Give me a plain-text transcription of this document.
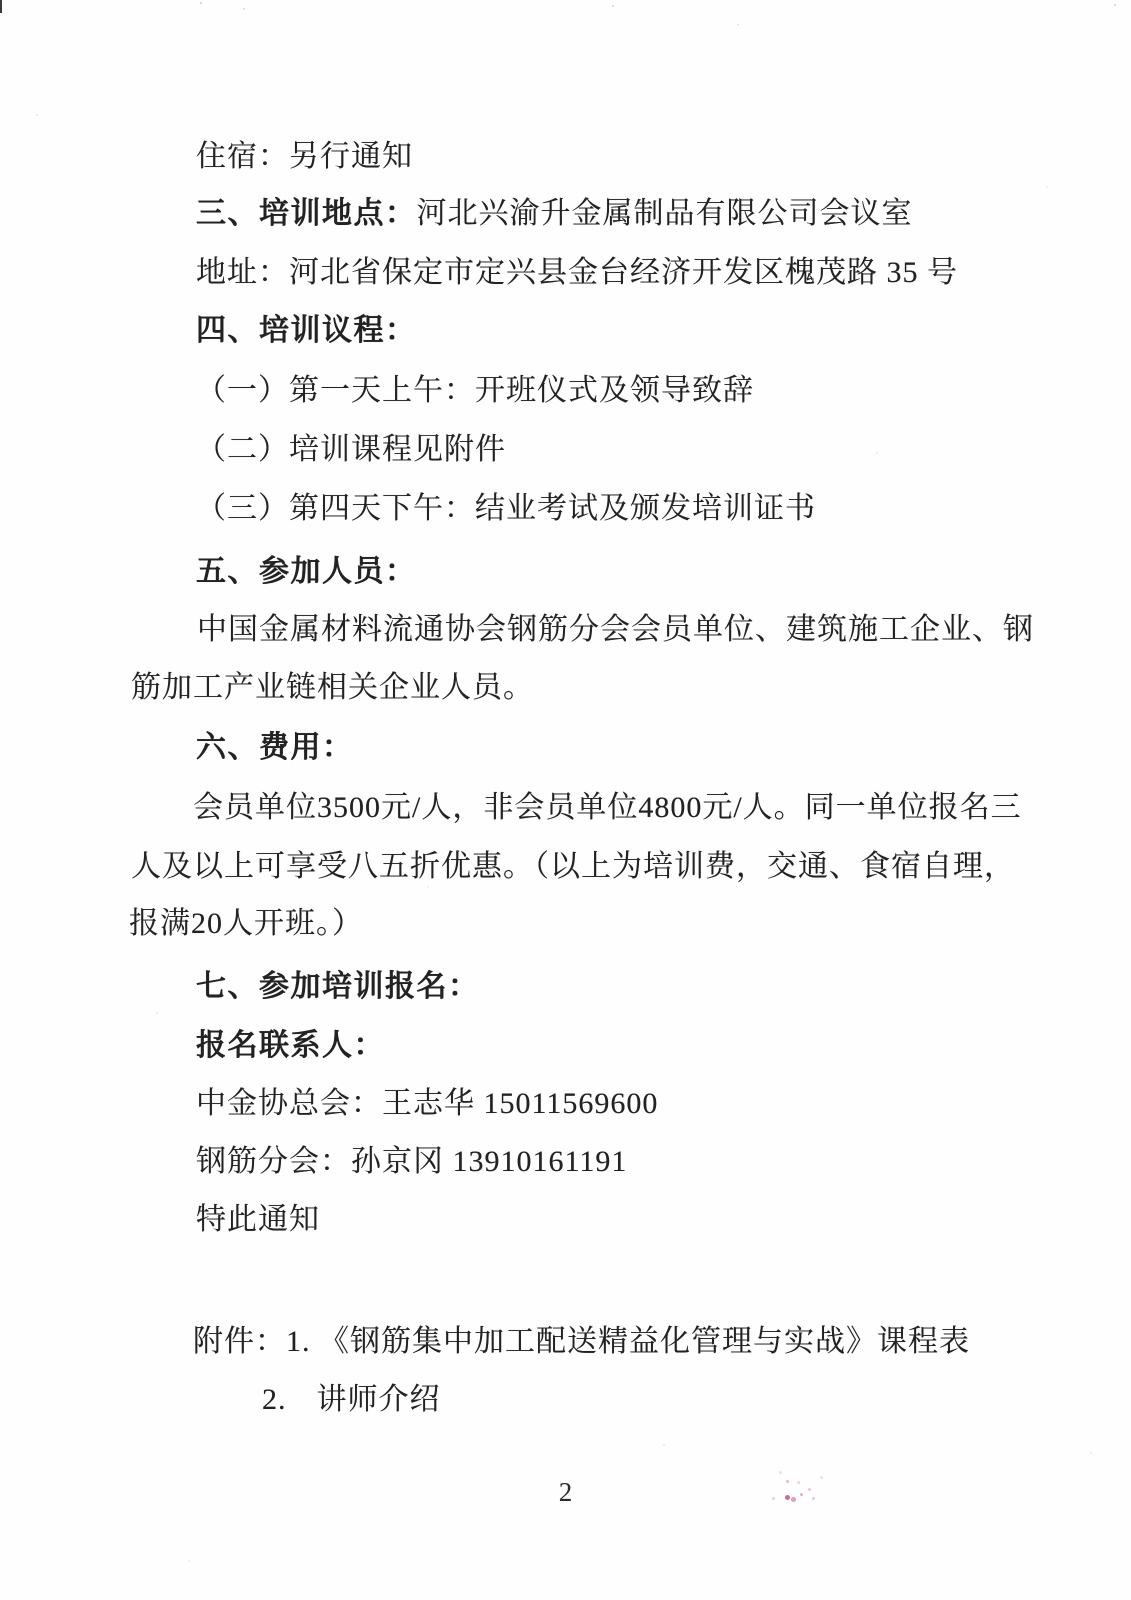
住宿：另行通知
三、培训地点：河北兴渝升金属制品有限公司会议室
地址：河北省保定市定兴县金台经济开发区槐茂路 35 号
四、培训议程：
（一）第一天上午：开班仪式及领导致辞
（二）培训课程见附件
（三）第四天下午：结业考试及颁发培训证书
五、参加人员：
中国金属材料流通协会钢筋分会会员单位、建筑施工企业、钢
筋加工产业链相关企业人员。
六、费用：
会员单位3500元/人，非会员单位4800元/人。同一单位报名三
人及以上可享受八五折优惠。（以上为培训费，交通、食宿自理，
报满20人开班。）
七、参加培训报名：
报名联系人：
中金协总会：王志华 15011569600
钢筋分会：孙京冈 13910161191
特此通知
附件：1. 《钢筋集中加工配送精益化管理与实战》课程表
2. 讲师介绍
2
